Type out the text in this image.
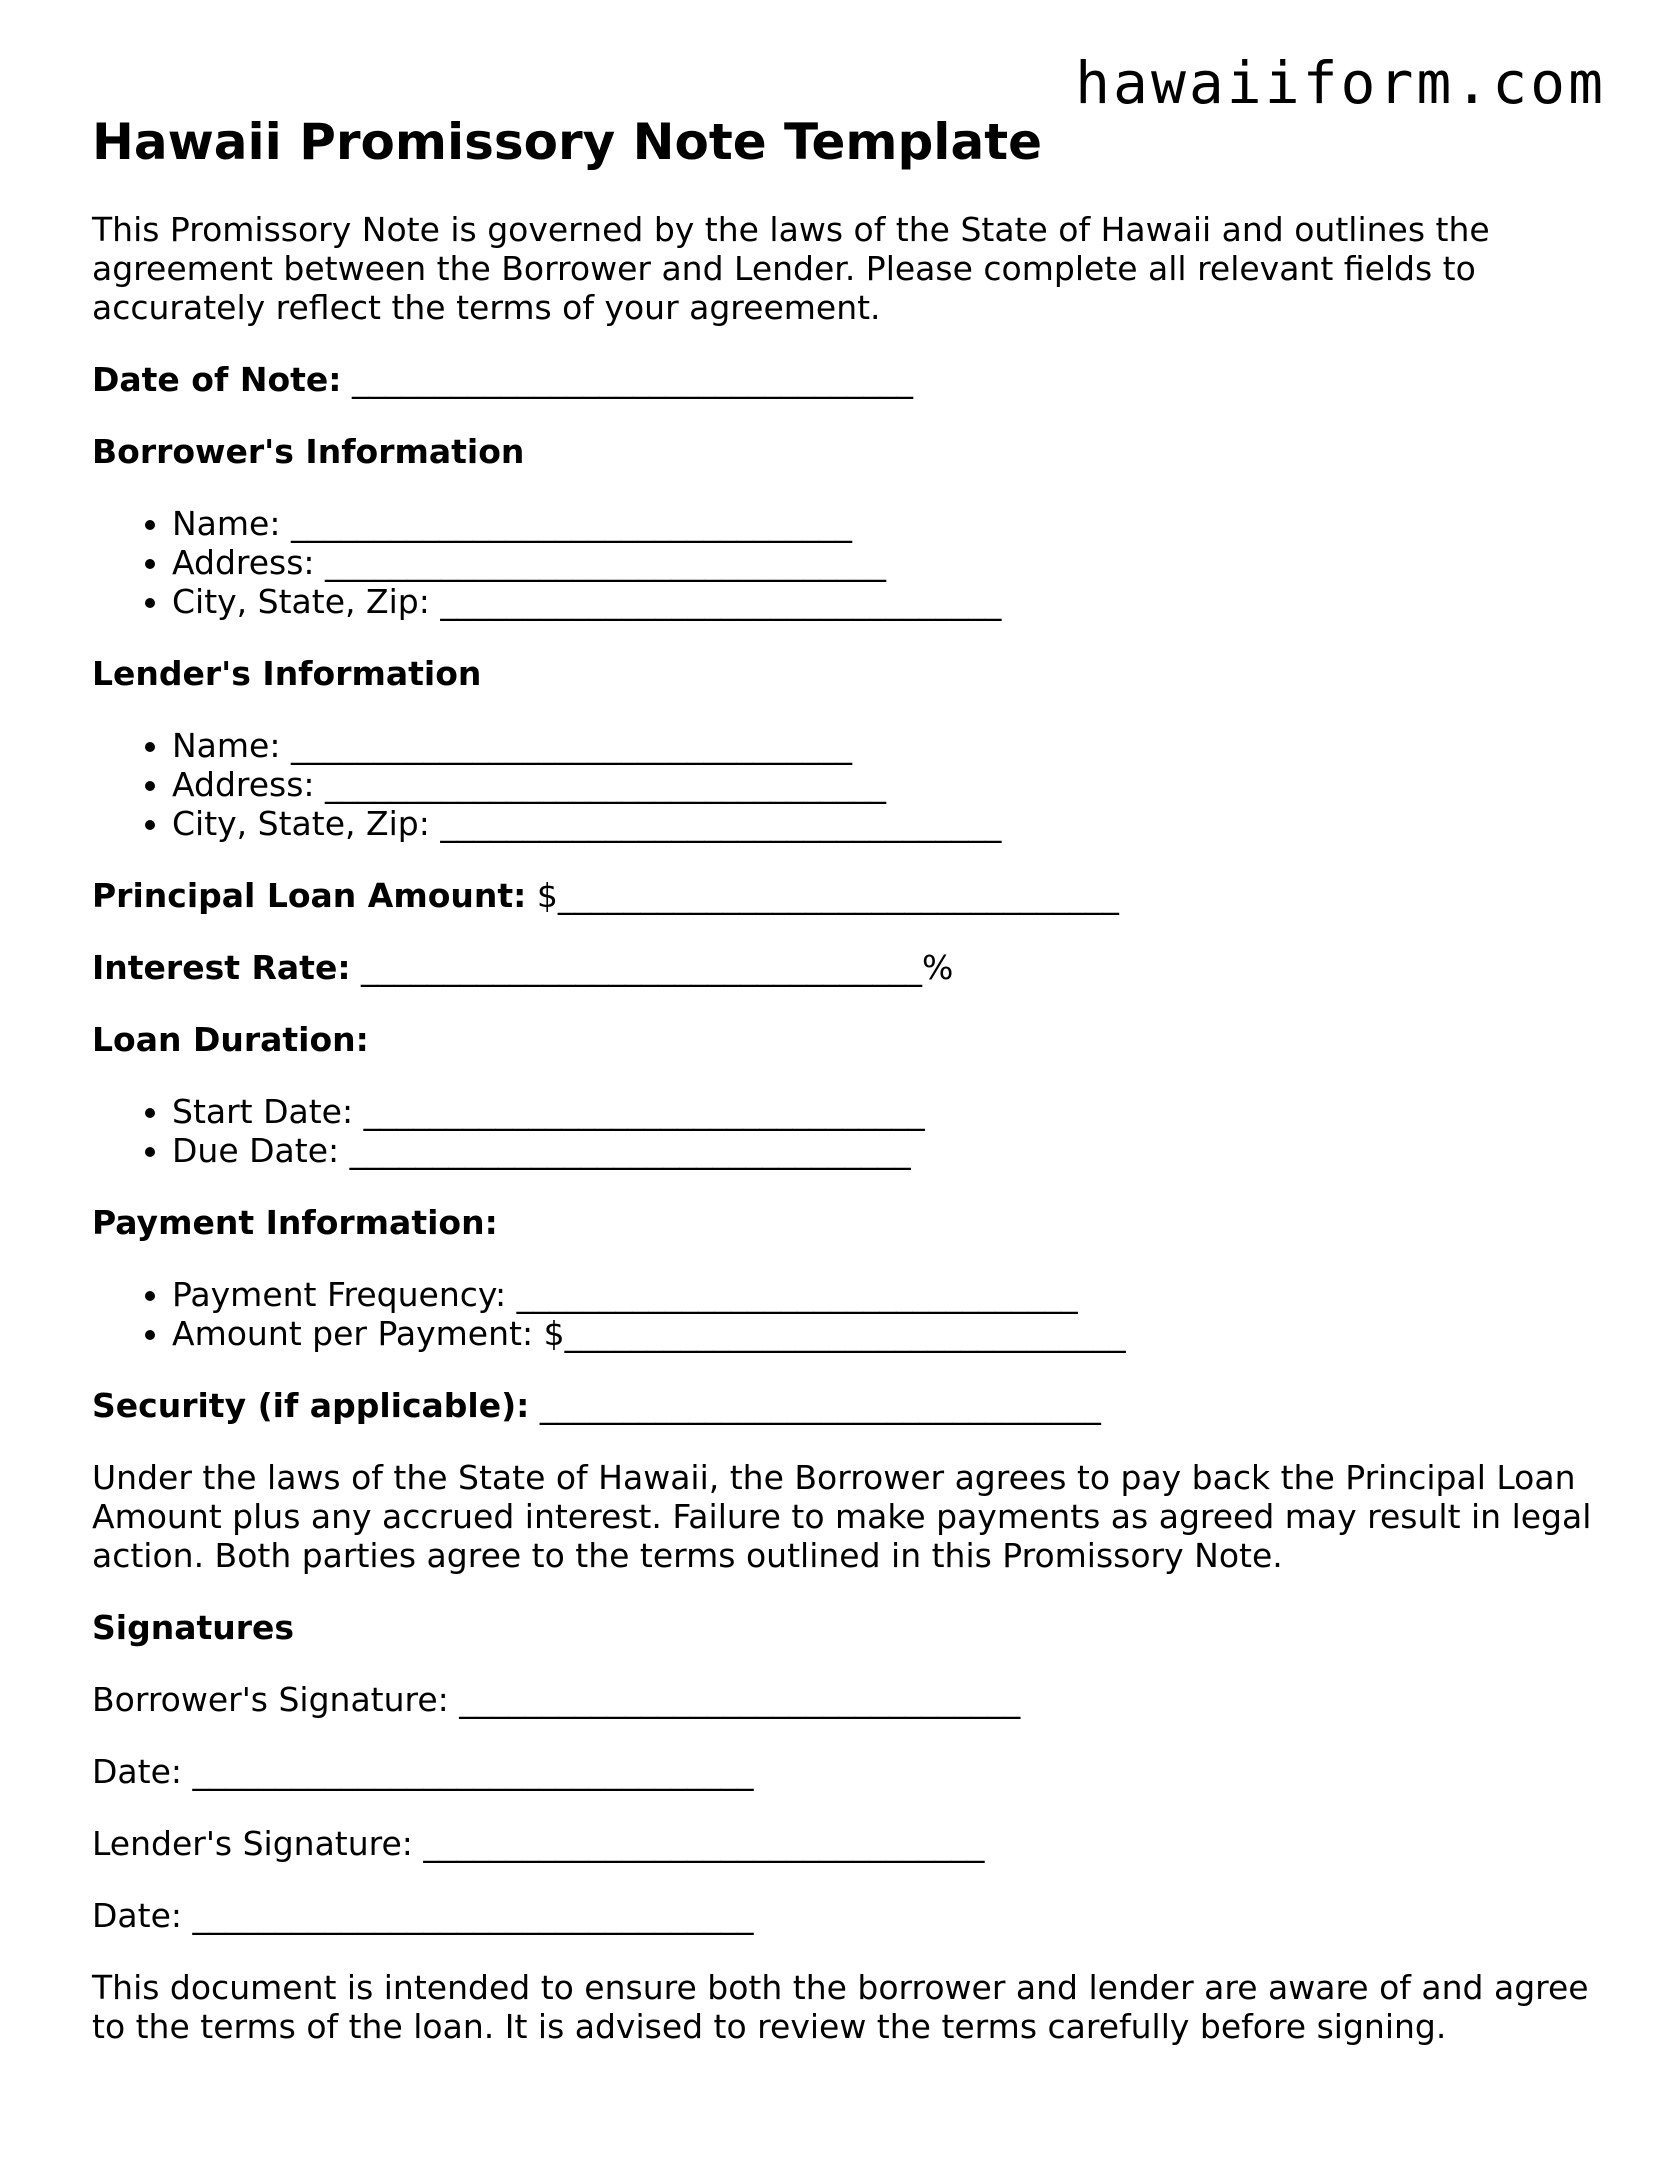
hawaiiform.com
Hawaii Promissory Note Template

This Promissory Note is governed by the laws of the State of Hawaii and outlines the agreement between the Borrower and Lender. Please complete all relevant fields to accurately reflect the terms of your agreement.

Date of Note: __________________________________

Borrower's Information

• Name: __________________________________
• Address: __________________________________
• City, State, Zip: __________________________________

Lender's Information

• Name: __________________________________
• Address: __________________________________
• City, State, Zip: __________________________________

Principal Loan Amount: $__________________________________

Interest Rate: __________________________________%

Loan Duration:

• Start Date: __________________________________
• Due Date: __________________________________

Payment Information:

• Payment Frequency: __________________________________
• Amount per Payment: $__________________________________

Security (if applicable): __________________________________

Under the laws of the State of Hawaii, the Borrower agrees to pay back the Principal Loan Amount plus any accrued interest. Failure to make payments as agreed may result in legal action. Both parties agree to the terms outlined in this Promissory Note.

Signatures

Borrower's Signature: __________________________________

Date: __________________________________

Lender's Signature: __________________________________

Date: __________________________________

This document is intended to ensure both the borrower and lender are aware of and agree to the terms of the loan. It is advised to review the terms carefully before signing.
